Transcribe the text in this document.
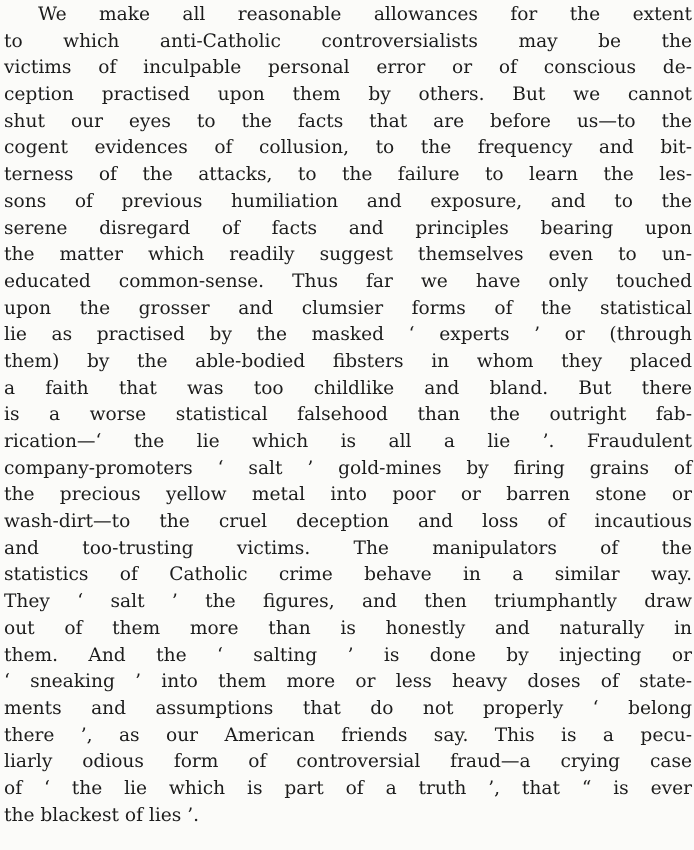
We make all reasonable allowances for the extent
to which anti-Catholic controversialists may be the
victims of inculpable personal error or of conscious de-
ception practised upon them by others. But we cannot
shut our eyes to the facts that are before us—to the
cogent evidences of collusion, to the frequency and bit-
terness of the attacks, to the failure to learn the les-
sons of previous humiliation and exposure, and to the
serene disregard of facts and principles bearing upon
the matter which readily suggest themselves even to un-
educated common-sense. Thus far we have only touched
upon the grosser and clumsier forms of the statistical
lie as practised by the masked ‘ experts ’ or (through
them) by the able-bodied fibsters in whom they placed
a faith that was too childlike and bland. But there
is a worse statistical falsehood than the outright fab-
rication—‘ the lie which is all a lie ’. Fraudulent
company-promoters ‘ salt ’ gold-mines by firing grains of
the precious yellow metal into poor or barren stone or
wash-dirt—to the cruel deception and loss of incautious
and too-trusting victims. The manipulators of the
statistics of Catholic crime behave in a similar way.
They ‘ salt ’ the figures, and then triumphantly draw
out of them more than is honestly and naturally in
them. And the ‘ salting ’ is done by injecting or
‘ sneaking ’ into them more or less heavy doses of state-
ments and assumptions that do not properly ‘ belong
there ’, as our American friends say. This is a pecu-
liarly odious form of controversial fraud—a crying case
of ‘ the lie which is part of a truth ’, that “ is ever
the blackest of lies ’.
